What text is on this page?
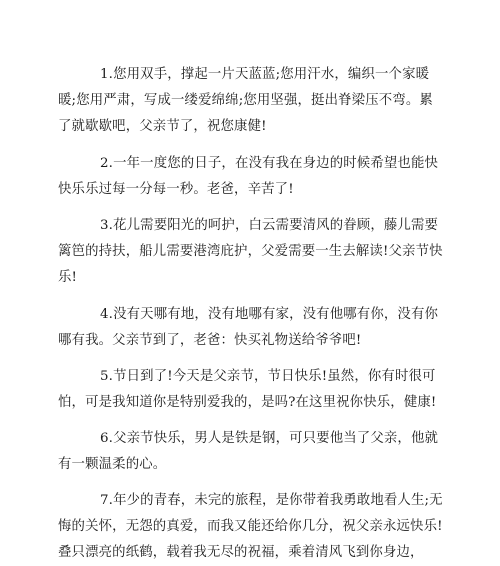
1.您用双手，撑起一片天蓝蓝;您用汗水，编织一个家暖暖;您用严肃，写成一缕爱绵绵;您用坚强，挺出脊梁压不弯。累了就歇歇吧，父亲节了，祝您康健!

2.一年一度您的日子，在没有我在身边的时候希望也能快快乐乐过每一分每一秒。老爸，辛苦了!

3.花儿需要阳光的呵护，白云需要清风的眷顾，藤儿需要篱笆的持扶，船儿需要港湾庇护，父爱需要一生去解读!父亲节快乐!

4.没有天哪有地，没有地哪有家，没有他哪有你，没有你哪有我。父亲节到了，老爸：快买礼物送给爷爷吧!

5.节日到了!今天是父亲节，节日快乐!虽然，你有时很可怕，可是我知道你是特别爱我的，是吗?在这里祝你快乐，健康!

6.父亲节快乐，男人是铁是钢，可只要他当了父亲，他就有一颗温柔的心。

7.年少的青春，未完的旅程，是你带着我勇敢地看人生;无悔的关怀，无怨的真爱，而我又能还给你几分，祝父亲永远快乐!叠只漂亮的纸鹤，载着我无尽的祝福，乘着清风飞到你身边，
